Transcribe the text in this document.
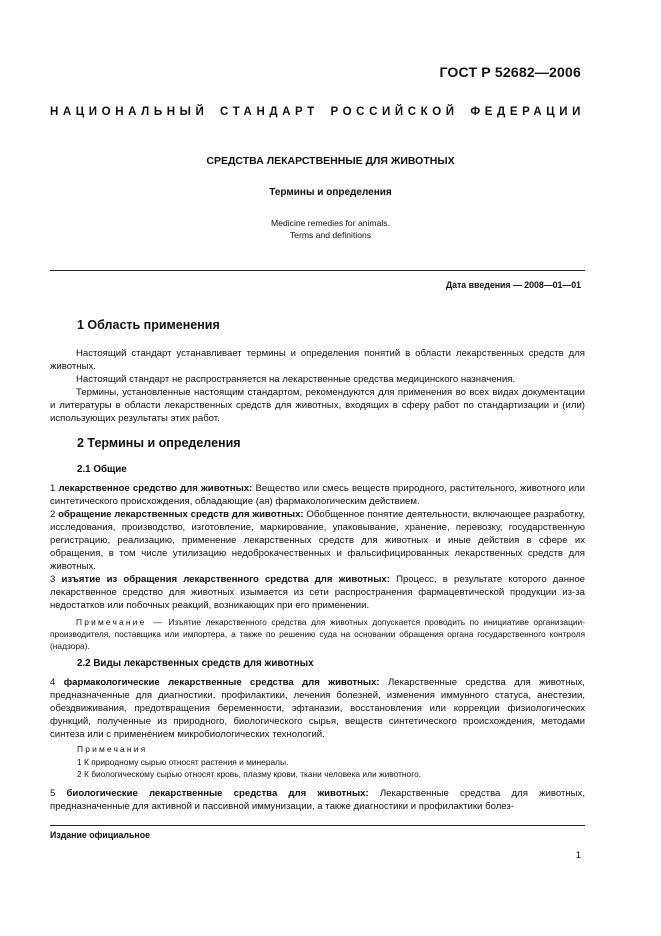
ГОСТ Р 52682—2006
НАЦИОНАЛЬНЫЙ СТАНДАРТ РОССИЙСКОЙ ФЕДЕРАЦИИ
СРЕДСТВА ЛЕКАРСТВЕННЫЕ ДЛЯ ЖИВОТНЫХ
Термины и определения
Medicine remedies for animals.
Terms and definitions
Дата введения — 2008—01—01
1 Область применения
Настоящий стандарт устанавливает термины и определения понятий в области лекарственных средств для животных.
Настоящий стандарт не распространяется на лекарственные средства медицинского назначения.
Термины, установленные настоящим стандартом, рекомендуются для применения во всех видах документации и литературы в области лекарственных средств для животных, входящих в сферу работ по стандартизации и (или) использующих результаты этих работ.
2 Термины и определения
2.1 Общие
1 лекарственное средство для животных: Вещество или смесь веществ природного, растительного, животного или синтетического происхождения, обладающие (ая) фармакологическим действием.
2 обращение лекарственных средств для животных: Обобщенное понятие деятельности, включающее разработку, исследования, производство, изготовление, маркирование, упаковывание, хранение, перевозку, государственную регистрацию, реализацию, применение лекарственных средств для животных и иные действия в сфере их обращения, в том числе утилизацию недоброкачественных и фальсифицированных лекарственных средств для животных.
3 изъятие из обращения лекарственного средства для животных: Процесс, в результате которого данное лекарственное средство для животных изымается из сети распространения фармацевтической продукции из-за недостатков или побочных реакций, возникающих при его применении.
Примечание — Изъятие лекарственного средства для животных допускается проводить по инициативе организации-производителя, поставщика или импортера, а также по решению суда на основании обращения органа государственного контроля (надзора).
2.2 Виды лекарственных средств для животных
4 фармакологические лекарственные средства для животных: Лекарственные средства для животных, предназначенные для диагностики, профилактики, лечения болезней, изменения иммунного статуса, анестезии, обездвиживания, предотвращения беременности, эфтаназии, восстановления или коррекции физиологических функций, полученные из природного, биологического сырья, веществ синтетического происхождения, методами синтеза или с применением микробиологических технологий.
Примечания
1 К природному сырью относят растения и минералы.
2 К биологическому сырью относят кровь, плазму крови, ткани человека или животного.
5 биологические лекарственные средства для животных: Лекарственные средства для животных, предназначенные для активной и пассивной иммунизации, а также диагностики и профилактики болез-
Издание официальное
1
